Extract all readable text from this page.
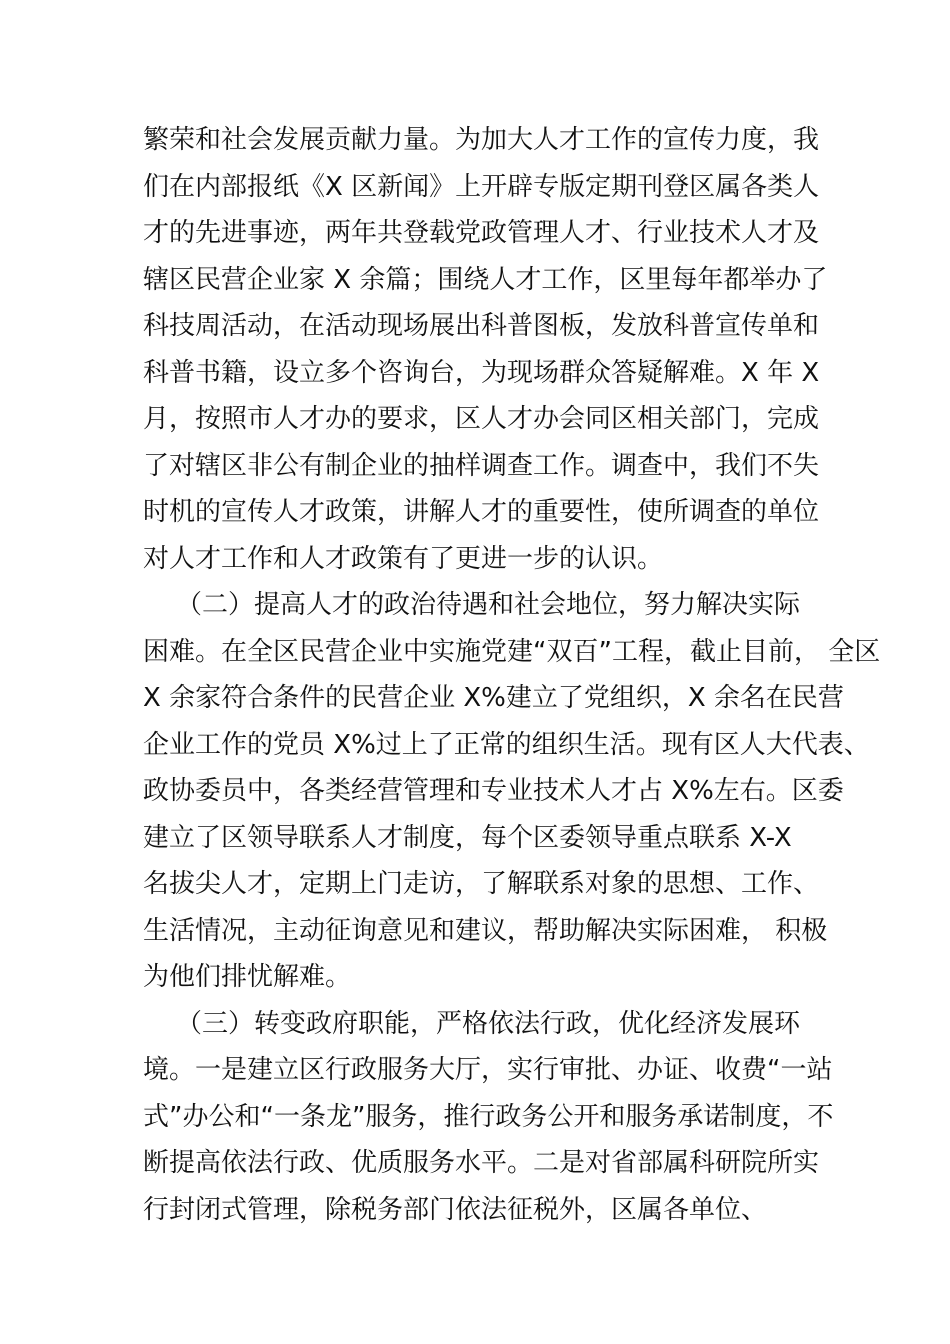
繁荣和社会发展贡献力量。为加大人才工作的宣传力度，我
们在内部报纸《X 区新闻》上开辟专版定期刊登区属各类人
才的先进事迹，两年共登载党政管理人才、行业技术人才及
辖区民营企业家 X 余篇；围绕人才工作，区里每年都举办了
科技周活动，在活动现场展出科普图板，发放科普宣传单和
科普书籍，设立多个咨询台，为现场群众答疑解难。X 年 X
月，按照市人才办的要求，区人才办会同区相关部门，完成
了对辖区非公有制企业的抽样调查工作。调查中，我们不失
时机的宣传人才政策，讲解人才的重要性，使所调查的单位
对人才工作和人才政策有了更进一步的认识。
（二）提高人才的政治待遇和社会地位，努力解决实际
困难。在全区民营企业中实施党建“双百”工程，截止目前， 全区
X 余家符合条件的民营企业 X%建立了党组织，X 余名在民营
企业工作的党员 X%过上了正常的组织生活。现有区人大代表、
政协委员中，各类经营管理和专业技术人才占 X%左右。区委
建立了区领导联系人才制度，每个区委领导重点联系 X-X
名拔尖人才，定期上门走访，了解联系对象的思想、工作、
生活情况，主动征询意见和建议，帮助解决实际困难， 积极
为他们排忧解难。
（三）转变政府职能，严格依法行政，优化经济发展环
境。一是建立区行政服务大厅，实行审批、办证、收费“一站
式”办公和“一条龙”服务，推行政务公开和服务承诺制度，不
断提高依法行政、优质服务水平。二是对省部属科研院所实
行封闭式管理，除税务部门依法征税外，区属各单位、
